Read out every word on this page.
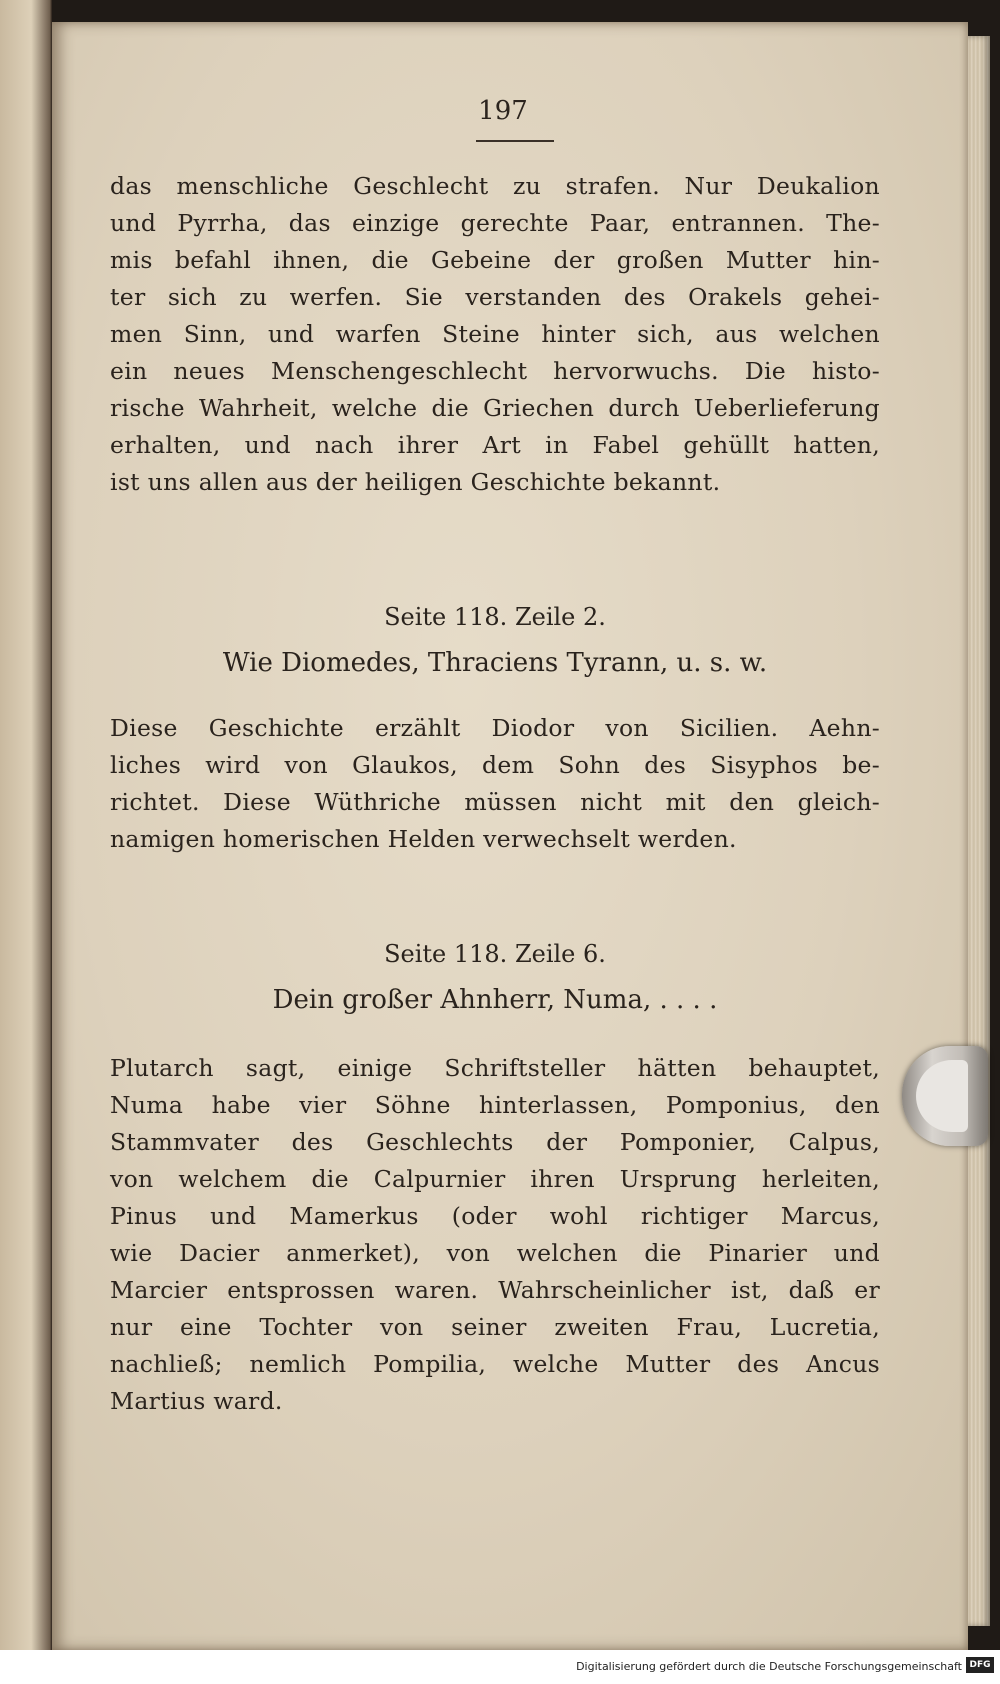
197
das menschliche Geschlecht zu strafen. Nur Deukalion
und Pyrrha, das einzige gerechte Paar, entrannen. The-
mis befahl ihnen, die Gebeine der großen Mutter hin-
ter sich zu werfen. Sie verstanden des Orakels gehei-
men Sinn, und warfen Steine hinter sich, aus welchen
ein neues Menschengeschlecht hervorwuchs. Die histo-
rische Wahrheit, welche die Griechen durch Ueberlieferung
erhalten, und nach ihrer Art in Fabel gehüllt hatten,
ist uns allen aus der heiligen Geschichte bekannt.
Seite 118. Zeile 2.
Wie Diomedes, Thraciens Tyrann, u. s. w.
Diese Geschichte erzählt Diodor von Sicilien. Aehn-
liches wird von Glaukos, dem Sohn des Sisyphos be-
richtet. Diese Wüthriche müssen nicht mit den gleich-
namigen homerischen Helden verwechselt werden.
Seite 118. Zeile 6.
Dein großer Ahnherr, Numa, . . . .
Plutarch sagt, einige Schriftsteller hätten behauptet,
Numa habe vier Söhne hinterlassen, Pomponius, den
Stammvater des Geschlechts der Pomponier, Calpus,
von welchem die Calpurnier ihren Ursprung herleiten,
Pinus und Mamerkus (oder wohl richtiger Marcus,
wie Dacier anmerket), von welchen die Pinarier und
Marcier entsprossen waren. Wahrscheinlicher ist, daß er
nur eine Tochter von seiner zweiten Frau, Lucretia,
nachließ; nemlich Pompilia, welche Mutter des Ancus
Martius ward.
Digitalisierung gefördert durch die Deutsche Forschungsgemeinschaft DFG
